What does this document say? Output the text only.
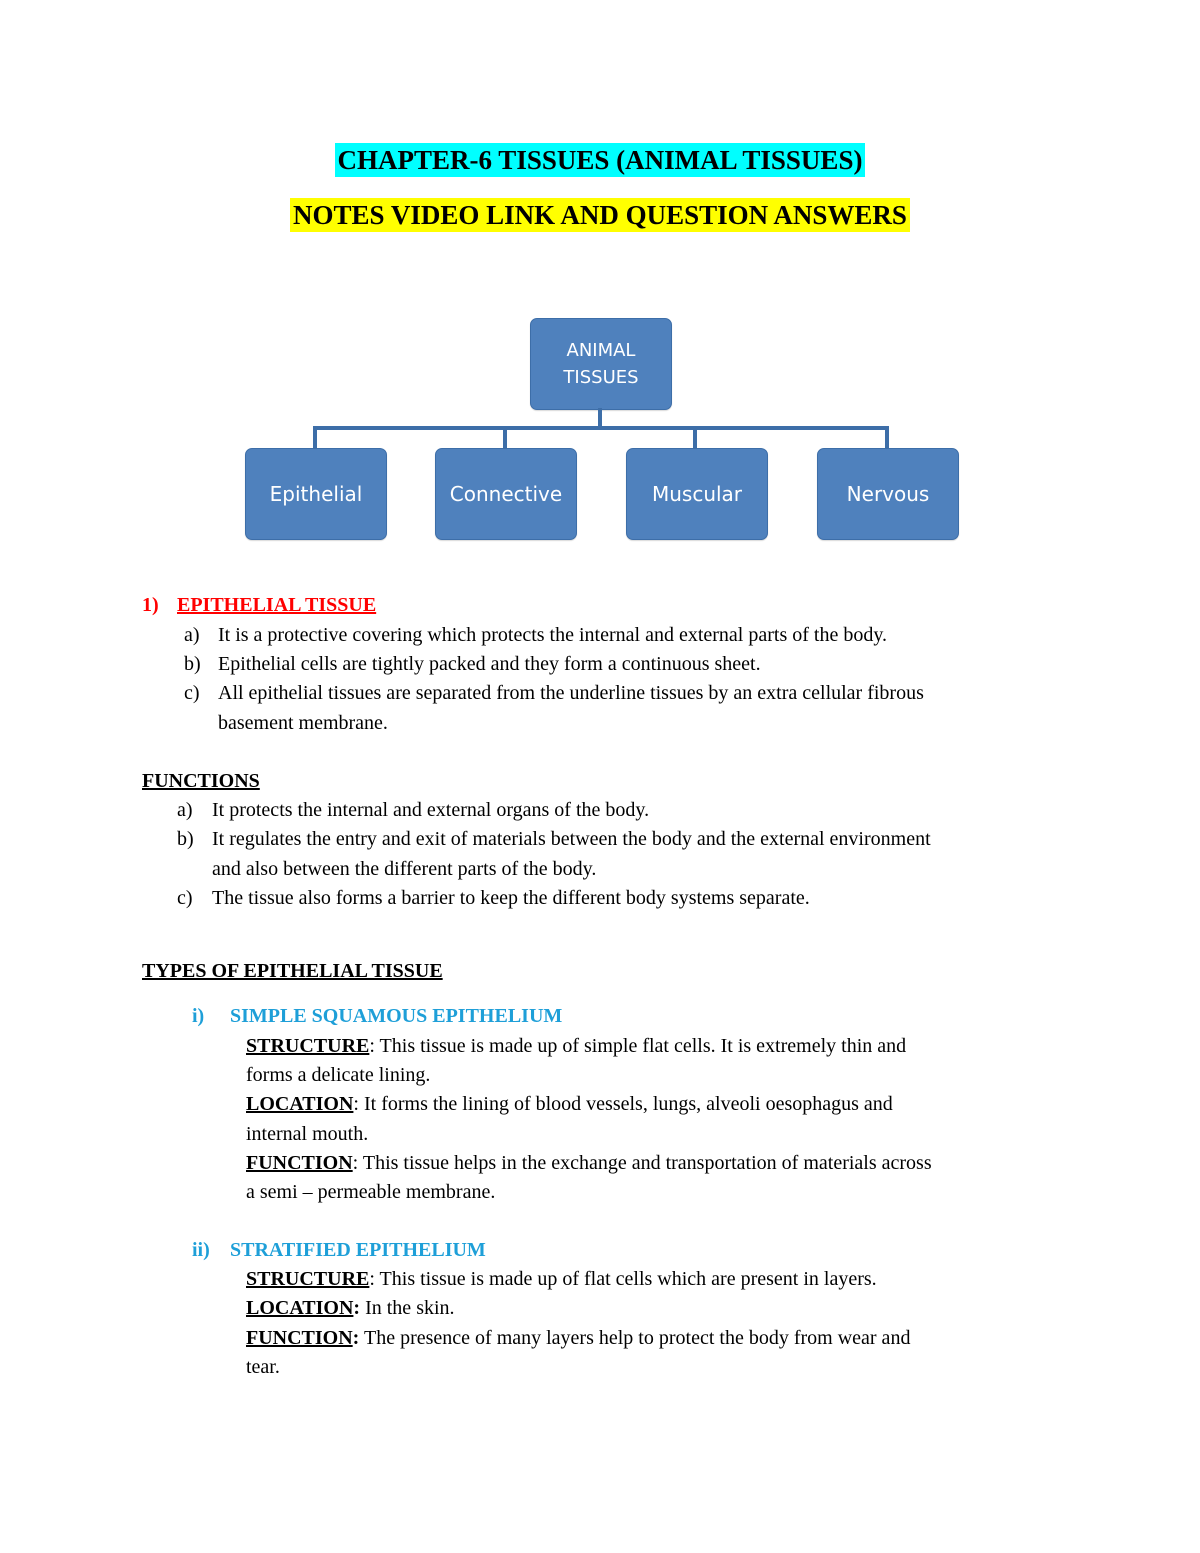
CHAPTER-6 TISSUES (ANIMAL TISSUES)
NOTES VIDEO LINK AND QUESTION ANSWERS
ANIMAL
TISSUES
Epithelial	Connective	Muscular	Nervous
1) EPITHELIAL TISSUE
a) It is a protective covering which protects the internal and external parts of the body.
b) Epithelial cells are tightly packed and they form a continuous sheet.
c) All epithelial tissues are separated from the underline tissues by an extra cellular fibrous
basement membrane.
FUNCTIONS
a) It protects the internal and external organs of the body.
b) It regulates the entry and exit of materials between the body and the external environment
and also between the different parts of the body.
c) The tissue also forms a barrier to keep the different body systems separate.
TYPES OF EPITHELIAL TISSUE
i) SIMPLE SQUAMOUS EPITHELIUM
STRUCTURE: This tissue is made up of simple flat cells. It is extremely thin and
forms a delicate lining.
LOCATION: It forms the lining of blood vessels, lungs, alveoli oesophagus and
internal mouth.
FUNCTION: This tissue helps in the exchange and transportation of materials across
a semi – permeable membrane.
ii) STRATIFIED EPITHELIUM
STRUCTURE: This tissue is made up of flat cells which are present in layers.
LOCATION: In the skin.
FUNCTION: The presence of many layers help to protect the body from wear and
tear.
